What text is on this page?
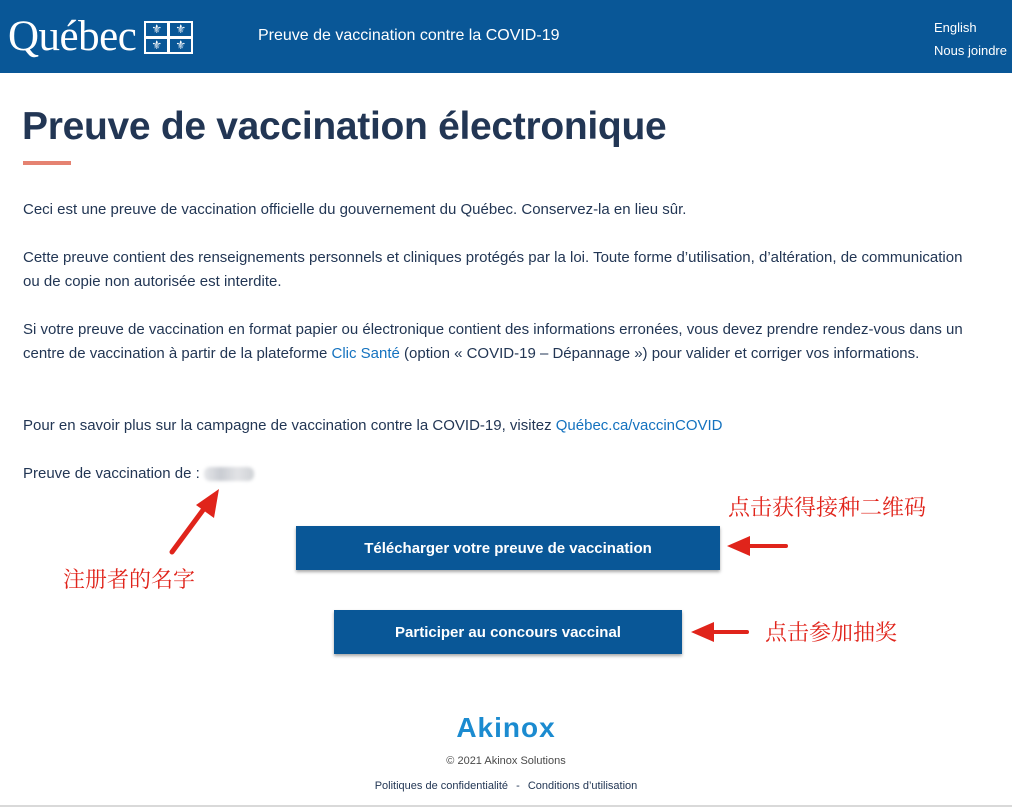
Québec	⚜	⚜
⚜	⚜
Preuve de vaccination contre la COVID-19	English
Nous joindre
Preuve de vaccination électronique

Ceci est une preuve de vaccination officielle du gouvernement du Québec. Conservez-la en lieu sûr.

Cette preuve contient des renseignements personnels et cliniques protégés par la loi. Toute forme d’utilisation, d’altération, de communication ou de copie non autorisée est interdite.

Si votre preuve de vaccination en format papier ou électronique contient des informations erronées, vous devez prendre rendez-vous dans un centre de vaccination à partir de la plateforme Clic Santé (option « COVID-19 – Dépannage ») pour valider et corriger vos informations.

Pour en savoir plus sur la campagne de vaccination contre la COVID-19, visitez Québec.ca/vaccinCOVID

Preuve de vaccination de :

Télécharger votre preuve de vaccination
Participer au concours vaccinal
点击获得接种二维码
注册者的名字
点击参加抽奖
Akinox
© 2021 Akinox Solutions
Politiques de confidentialité - Conditions d’utilisation
